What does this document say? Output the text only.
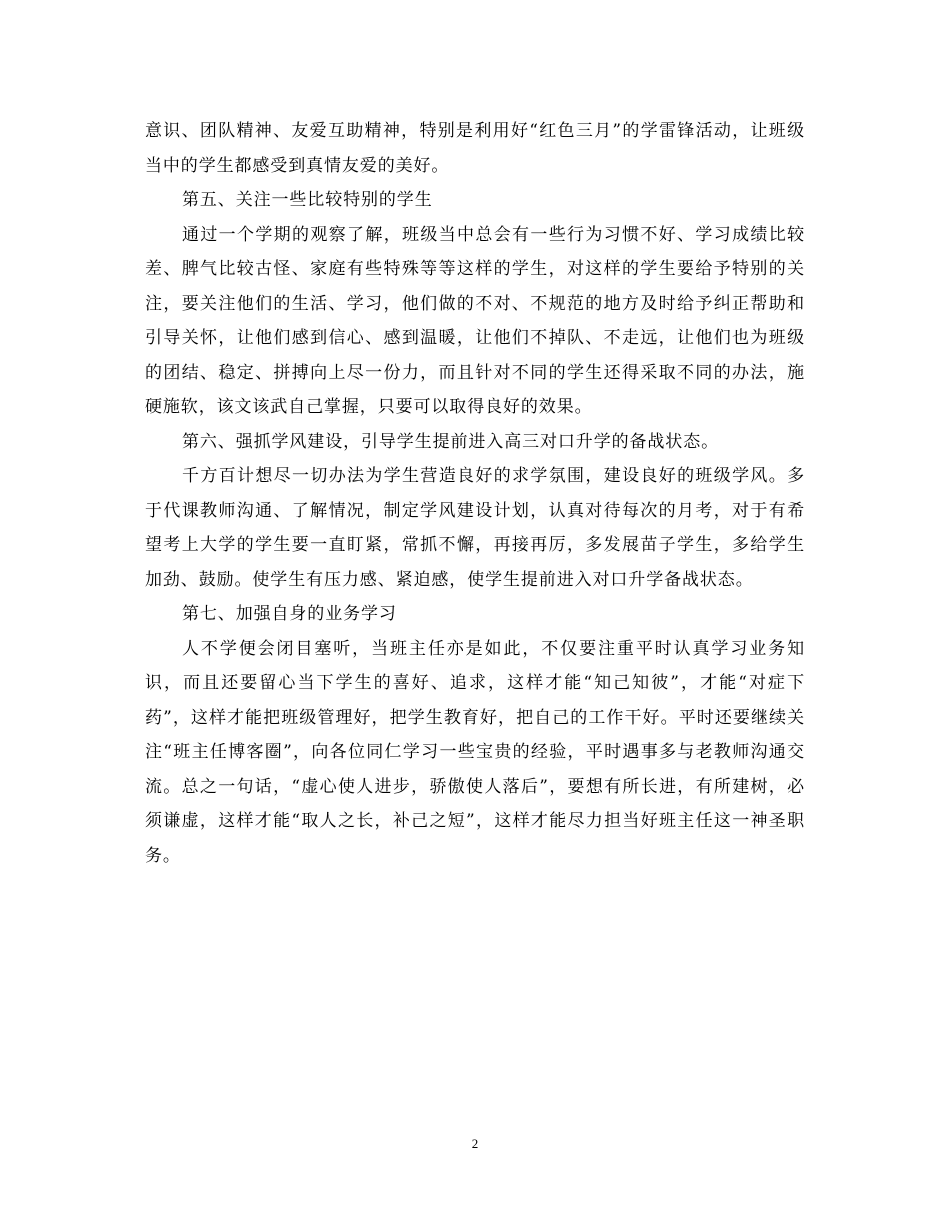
意识、团队精神、友爱互助精神，特别是利用好“红色三月”的学雷锋活动，让班级当中的学生都感受到真情友爱的美好。

第五、关注一些比较特别的学生

通过一个学期的观察了解，班级当中总会有一些行为习惯不好、学习成绩比较差、脾气比较古怪、家庭有些特殊等等这样的学生，对这样的学生要给予特别的关注，要关注他们的生活、学习，他们做的不对、不规范的地方及时给予纠正帮助和引导关怀，让他们感到信心、感到温暖，让他们不掉队、不走远，让他们也为班级的团结、稳定、拼搏向上尽一份力，而且针对不同的学生还得采取不同的办法，施硬施软，该文该武自己掌握，只要可以取得良好的效果。

第六、强抓学风建设，引导学生提前进入高三对口升学的备战状态。

千方百计想尽一切办法为学生营造良好的求学氛围，建设良好的班级学风。多于代课教师沟通、了解情况，制定学风建设计划，认真对待每次的月考，对于有希望考上大学的学生要一直盯紧，常抓不懈，再接再厉，多发展苗子学生，多给学生加劲、鼓励。使学生有压力感、紧迫感，使学生提前进入对口升学备战状态。

第七、加强自身的业务学习

人不学便会闭目塞听，当班主任亦是如此，不仅要注重平时认真学习业务知识，而且还要留心当下学生的喜好、追求，这样才能“知己知彼”，才能“对症下药”，这样才能把班级管理好，把学生教育好，把自己的工作干好。平时还要继续关注“班主任博客圈”，向各位同仁学习一些宝贵的经验，平时遇事多与老教师沟通交流。总之一句话，“虚心使人进步，骄傲使人落后”，要想有所长进，有所建树，必须谦虚，这样才能“取人之长，补己之短”，这样才能尽力担当好班主任这一神圣职务。

2
